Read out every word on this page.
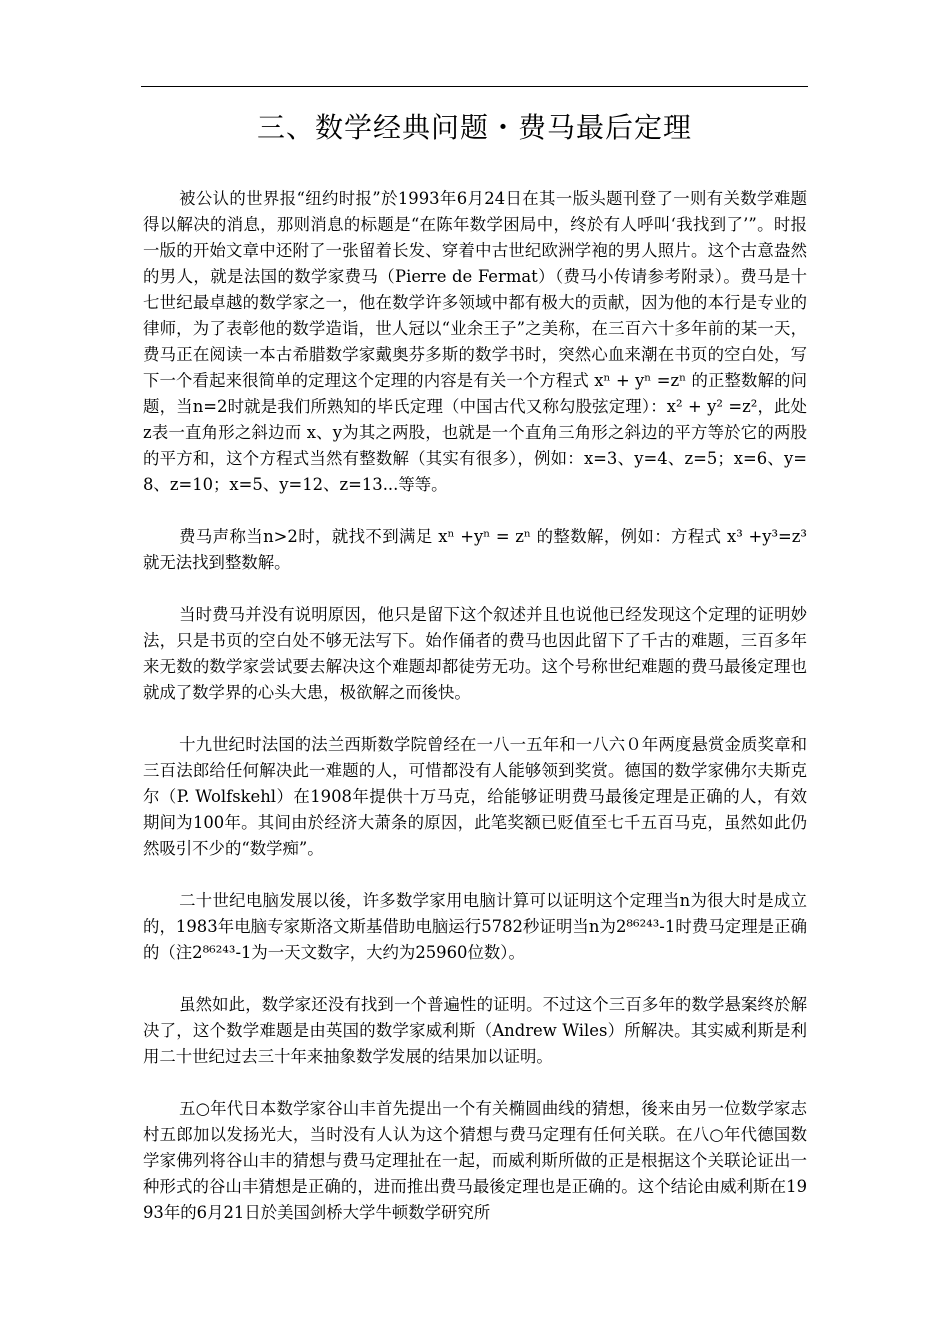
三、数学经典问题・费马最后定理

被公认的世界报“纽约时报”於1993年6月24日在其一版头题刊登了一则有关数学难题得以解决的消息，那则消息的标题是“在陈年数学困局中，终於有人呼叫‘我找到了’”。时报一版的开始文章中还附了一张留着长发、穿着中古世纪欧洲学袍的男人照片。这个古意盎然的男人，就是法国的数学家费马（Pierre de Fermat）（费马小传请参考附录）。费马是十七世纪最卓越的数学家之一，他在数学许多领域中都有极大的贡献，因为他的本行是专业的律师，为了表彰他的数学造诣，世人冠以“业余王子”之美称，在三百六十多年前的某一天，费马正在阅读一本古希腊数学家戴奥芬多斯的数学书时，突然心血来潮在书页的空白处，写下一个看起来很简单的定理这个定理的内容是有关一个方程式 xⁿ + yⁿ =zⁿ 的正整数解的问题，当n=2时就是我们所熟知的毕氏定理（中国古代又称勾股弦定理）：x² + y² =z²，此处z表一直角形之斜边而 x、y为其之两股，也就是一个直角三角形之斜边的平方等於它的两股的平方和，这个方程式当然有整数解（其实有很多），例如：x=3、y=4、z=5；x=6、y=8、z=10；x=5、y=12、z=13...等等。

费马声称当n>2时，就找不到满足 xⁿ +yⁿ = zⁿ 的整数解，例如：方程式 x³ +y³=z³ 就无法找到整数解。

当时费马并没有说明原因，他只是留下这个叙述并且也说他已经发现这个定理的证明妙法，只是书页的空白处不够无法写下。始作俑者的费马也因此留下了千古的难题，三百多年来无数的数学家尝试要去解决这个难题却都徒劳无功。这个号称世纪难题的费马最後定理也就成了数学界的心头大患，极欲解之而後快。

十九世纪时法国的法兰西斯数学院曾经在一八一五年和一八六０年两度悬赏金质奖章和三百法郎给任何解决此一难题的人，可惜都没有人能够领到奖赏。德国的数学家佛尔夫斯克尔（P. Wolfskehl）在1908年提供十万马克，给能够证明费马最後定理是正确的人，有效期间为100年。其间由於经济大萧条的原因，此笔奖额已贬值至七千五百马克，虽然如此仍然吸引不少的“数学痴”。

二十世纪电脑发展以後，许多数学家用电脑计算可以证明这个定理当n为很大时是成立的，1983年电脑专家斯洛文斯基借助电脑运行5782秒证明当n为2⁸⁶²⁴³-1时费马定理是正确的（注2⁸⁶²⁴³-1为一天文数字，大约为25960位数）。

虽然如此，数学家还没有找到一个普遍性的证明。不过这个三百多年的数学悬案终於解决了，这个数学难题是由英国的数学家威利斯（Andrew Wiles）所解决。其实威利斯是利用二十世纪过去三十年来抽象数学发展的结果加以证明。

五○年代日本数学家谷山丰首先提出一个有关椭圆曲线的猜想，後来由另一位数学家志村五郎加以发扬光大，当时没有人认为这个猜想与费马定理有任何关联。在八○年代德国数学家佛列将谷山丰的猜想与费马定理扯在一起，而威利斯所做的正是根据这个关联论证出一种形式的谷山丰猜想是正确的，进而推出费马最後定理也是正确的。这个结论由威利斯在1993年的6月21日於美国剑桥大学牛顿数学研究所
